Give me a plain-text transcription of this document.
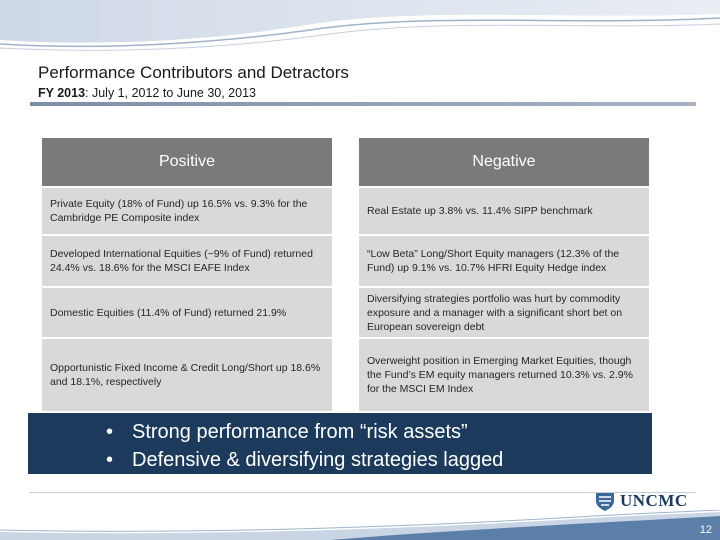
Performance Contributors and Detractors
FY 2013: July 1, 2012 to June 30, 2013
Positive
Private Equity (18% of Fund) up 16.5% vs. 9.3% for the Cambridge PE Composite index
Developed International Equities (~9% of Fund) returned 24.4% vs. 18.6% for the MSCI EAFE Index
Domestic Equities (11.4% of Fund) returned 21.9%
Opportunistic Fixed Income & Credit Long/Short up 18.6% and 18.1%, respectively
Negative
Real Estate up 3.8% vs. 11.4% SIPP benchmark
“Low Beta” Long/Short Equity managers (12.3% of the Fund) up 9.1% vs. 10.7% HFRI Equity Hedge index
Diversifying strategies portfolio was hurt by commodity exposure and a manager with a significant short bet on European sovereign debt
Overweight position in Emerging Market Equities, though the Fund’s EM equity managers returned 10.3% vs. 2.9% for the MSCI EM Index
• Strong performance from “risk assets”
• Defensive & diversifying strategies lagged
UNCMC
12
